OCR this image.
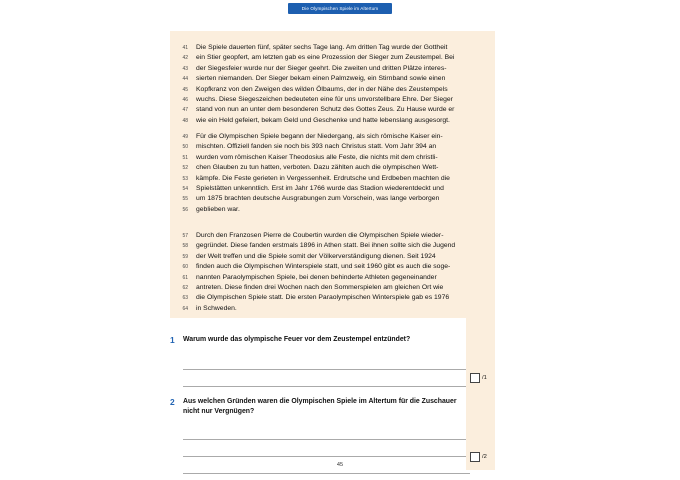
Die Olympischen Spiele im Altertum
41 Die Spiele dauerten fünf, später sechs Tage lang. Am dritten Tag wurde der Gottheit
42 ein Stier geopfert, am letzten gab es eine Prozession der Sieger zum Zeustempel. Bei
43 der Siegesfeier wurde nur der Sieger geehrt. Die zweiten und dritten Plätze interes-
44 sierten niemanden. Der Sieger bekam einen Palmzweig, ein Stirnband sowie einen
45 Kopfkranz von den Zweigen des wilden Ölbaums, der in der Nähe des Zeustempels
46 wuchs. Diese Siegeszeichen bedeuteten eine für uns unvorstellbare Ehre. Der Sieger
47 stand von nun an unter dem besonderen Schutz des Gottes Zeus. Zu Hause wurde er
48 wie ein Held gefeiert, bekam Geld und Geschenke und hatte lebenslang ausgesorgt.
49 Für die Olympischen Spiele begann der Niedergang, als sich römische Kaiser ein-
50 mischten. Offiziell fanden sie noch bis 393 nach Christus statt. Vom Jahr 394 an
51 wurden vom römischen Kaiser Theodosius alle Feste, die nichts mit dem christli-
52 chen Glauben zu tun hatten, verboten. Dazu zählten auch die olympischen Wett-
53 kämpfe. Die Feste gerieten in Vergessenheit. Erdrutsche und Erdbeben machten die
54 Spielstätten unkenntlich. Erst im Jahr 1766 wurde das Stadion wiederentdeckt und
55 um 1875 brachten deutsche Ausgrabungen zum Vorschein, was lange verborgen
56 geblieben war.
57 Durch den Franzosen Pierre de Coubertin wurden die Olympischen Spiele wieder-
58 gegründet. Diese fanden erstmals 1896 in Athen statt. Bei ihnen sollte sich die Jugend
59 der Welt treffen und die Spiele somit der Völkerverständigung dienen. Seit 1924
60 finden auch die Olympischen Winterspiele statt, und seit 1960 gibt es auch die soge-
61 nannten Paraolympischen Spiele, bei denen behinderte Athleten gegeneinander
62 antreten. Diese finden drei Wochen nach den Sommerspielen am gleichen Ort wie
63 die Olympischen Spiele statt. Die ersten Paraolympischen Winterspiele gab es 1976
64 in Schweden.
1	Warum wurde das olympische Feuer vor dem Zeustempel entzündet?
2	Aus welchen Gründen waren die Olympischen Spiele im Altertum für die Zuschauer nicht nur Vergnügen?
/1
/2
45
